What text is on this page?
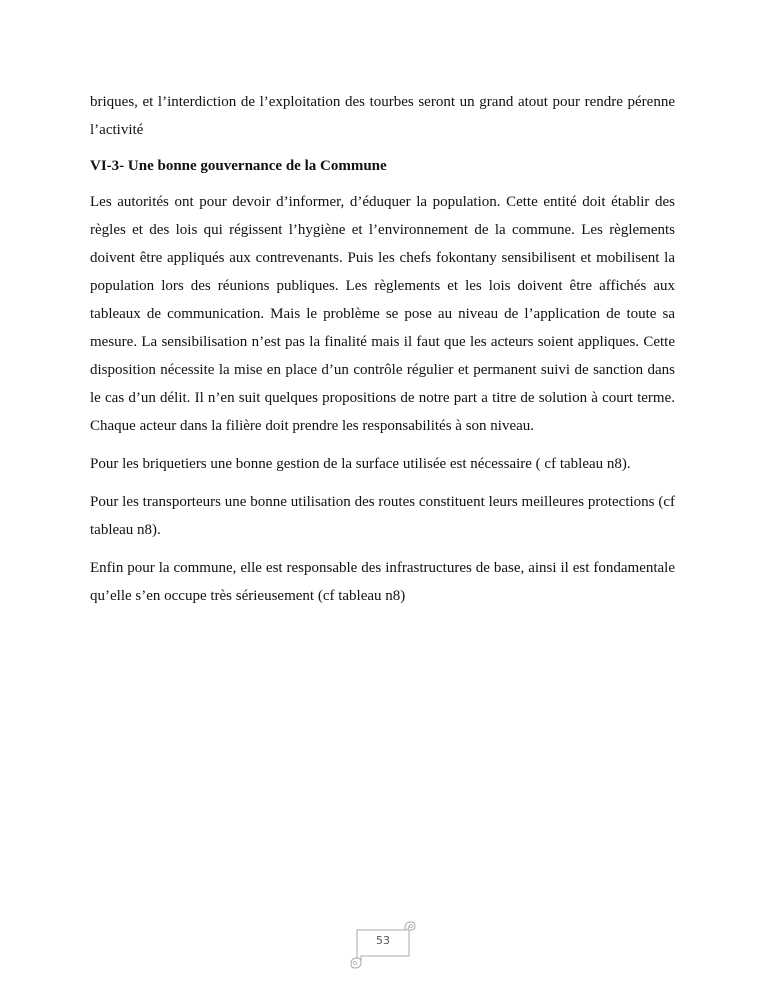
briques, et l’interdiction de l’exploitation des tourbes seront un grand atout pour rendre pérenne l’activité

VI-3- Une bonne gouvernance de la Commune

Les autorités ont pour devoir d’informer, d’éduquer la population. Cette entité doit établir des règles et des lois qui régissent l’hygiène et l’environnement de la commune. Les règlements doivent être appliqués aux contrevenants. Puis les chefs fokontany sensibilisent et mobilisent la population lors des réunions publiques. Les règlements et les lois doivent être affichés aux tableaux de communication. Mais le problème se pose au niveau de l’application de toute sa mesure. La sensibilisation n’est pas la finalité mais il faut que les acteurs soient appliques. Cette disposition nécessite la mise en place d’un contrôle régulier et permanent suivi de sanction dans le cas d’un délit. Il n’en suit quelques propositions de notre part a titre de solution à court terme. Chaque acteur dans la filière doit prendre les responsabilités à son niveau.

Pour les briquetiers une bonne gestion de la surface utilisée est nécessaire ( cf tableau n8).

Pour les transporteurs une bonne utilisation des routes constituent leurs meilleures protections (cf tableau n8).

Enfin pour la commune, elle est responsable des infrastructures de base, ainsi il est fondamentale qu’elle s’en occupe très sérieusement (cf tableau n8)

53
